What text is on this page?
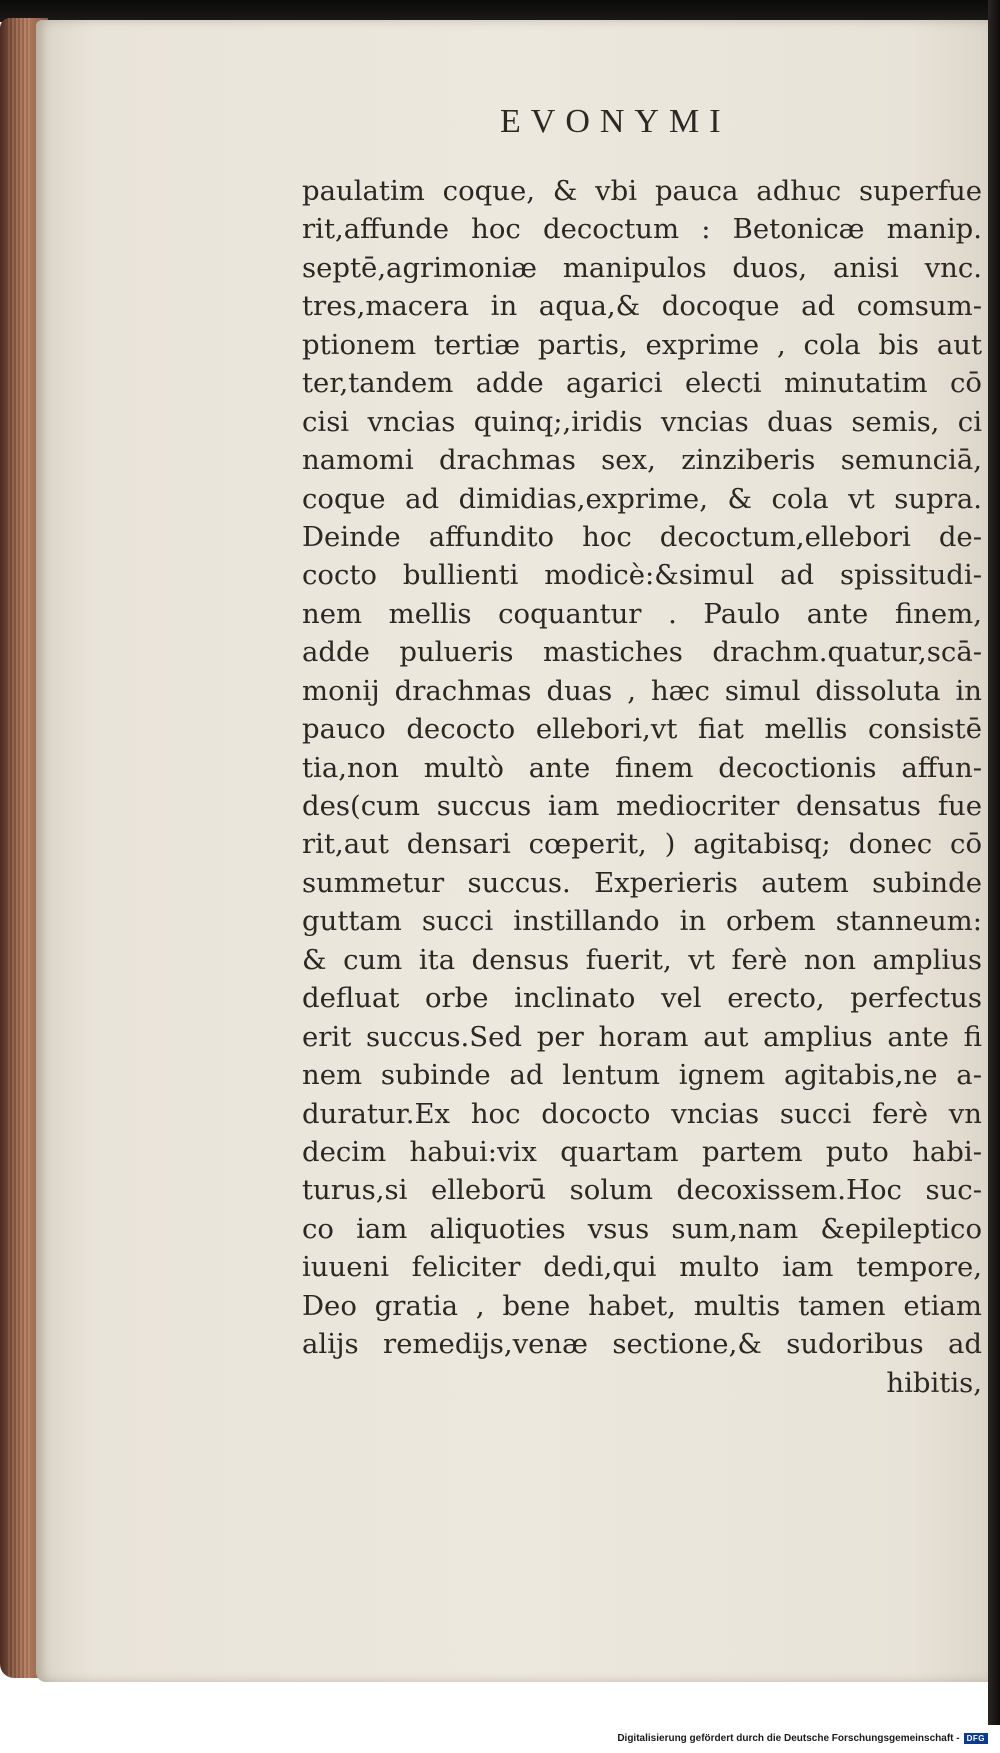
EVONYMI
paulatim coque, & vbi pauca adhuc superfue
rit,affunde hoc decoctum : Betonicæ manip.
septē,agrimoniæ manipulos duos, anisi vnc.
tres,macera in aqua,& docoque ad comsum-
ptionem tertiæ partis, exprime , cola bis aut
ter,tandem adde agarici electi minutatim cō
cisi vncias quinq;,iridis vncias duas semis, ci
namomi drachmas sex, zinziberis semunciā,
coque ad dimidias,exprime, & cola vt supra.
Deinde affundito hoc decoctum,ellebori de-
cocto bullienti modicè:&simul ad spissitudi-
nem mellis coquantur . Paulo ante finem,
adde pulueris mastiches drachm.quatur,scā-
monij drachmas duas , hæc simul dissoluta in
pauco decocto ellebori,vt fiat mellis consistē
tia,non multò ante finem decoctionis affun-
des(cum succus iam mediocriter densatus fue
rit,aut densari cœperit, ) agitabisq; donec cō
summetur succus. Experieris autem subinde
guttam succi instillando in orbem stanneum:
& cum ita densus fuerit, vt ferè non amplius
defluat orbe inclinato vel erecto, perfectus
erit succus.Sed per horam aut amplius ante fi
nem subinde ad lentum ignem agitabis,ne a-
duratur.Ex hoc dococto vncias succi ferè vn
decim habui:vix quartam partem puto habi-
turus,si elleborū solum decoxissem.Hoc suc-
co iam aliquoties vsus sum,nam &epileptico
iuueni feliciter dedi,qui multo iam tempore,
Deo gratia , bene habet, multis tamen etiam
alijs remedijs,venæ sectione,& sudoribus ad
hibitis,
Digitalisierung gefördert durch die Deutsche Forschungsgemeinschaft - DFG
